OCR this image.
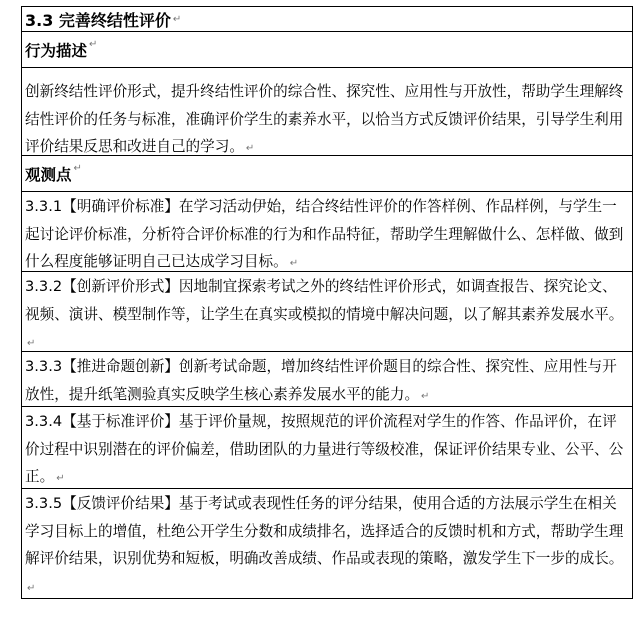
3.3 完善终结性评价 ↵
行为描述 ↵

创新终结性评价形式，提升终结性评价的综合性、探究性、应用性与开放性，帮助学生理解终结性评价的任务与标准，准确评价学生的素养水平，以恰当方式反馈评价结果，引导学生利用评价结果反思和改进自己的学习。 ↵

观测点 ↵

3.3.1【明确评价标准】在学习活动伊始，结合终结性评价的作答样例、作品样例，与学生一起讨论评价标准，分析符合评价标准的行为和作品特征，帮助学生理解做什么、怎样做、做到什么程度能够证明自己已达成学习目标。 ↵

3.3.2【创新评价形式】因地制宜探索考试之外的终结性评价形式，如调查报告、探究论文、视频、演讲、模型制作等，让学生在真实或模拟的情境中解决问题，以了解其素养发展水平。↵

3.3.3【推进命题创新】创新考试命题，增加终结性评价题目的综合性、探究性、应用性与开放性，提升纸笔测验真实反映学生核心素养发展水平的能力。 ↵

3.3.4【基于标准评价】基于评价量规，按照规范的评价流程对学生的作答、作品评价，在评价过程中识别潜在的评价偏差，借助团队的力量进行等级校准，保证评价结果专业、公平、公正。 ↵

3.3.5【反馈评价结果】基于考试或表现性任务的评分结果，使用合适的方法展示学生在相关学习目标上的增值，杜绝公开学生分数和成绩排名，选择适合的反馈时机和方式，帮助学生理解评价结果，识别优势和短板，明确改善成绩、作品或表现的策略，激发学生下一步的成长。↵
